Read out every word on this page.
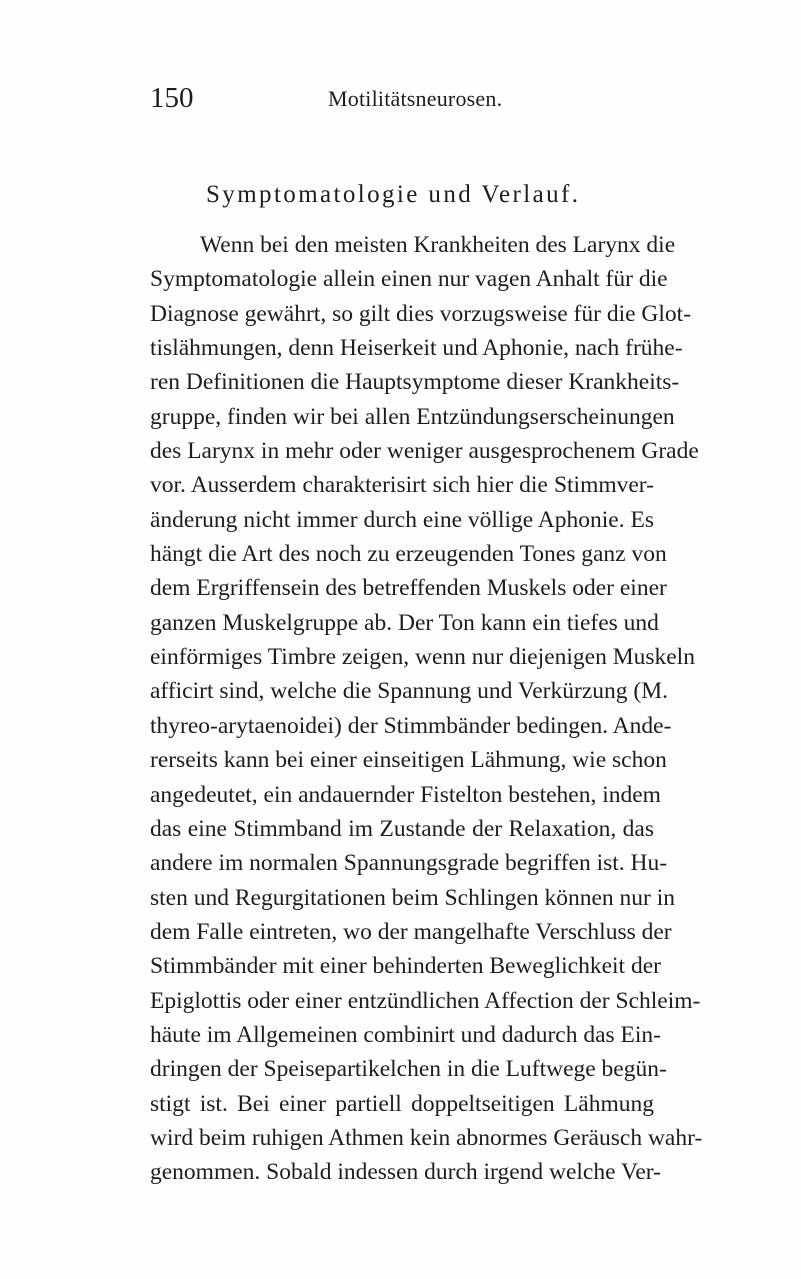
150	Motilitätsneurosen.
Symptomatologie und Verlauf.
Wenn bei den meisten Krankheiten des Larynx die
Symptomatologie allein einen nur vagen Anhalt für die
Diagnose gewährt, so gilt dies vorzugsweise für die Glot-
tislähmungen, denn Heiserkeit und Aphonie, nach frühe-
ren Definitionen die Hauptsymptome dieser Krankheits-
gruppe, finden wir bei allen Entzündungserscheinungen
des Larynx in mehr oder weniger ausgesprochenem Grade
vor. Ausserdem charakterisirt sich hier die Stimmver-
änderung nicht immer durch eine völlige Aphonie. Es
hängt die Art des noch zu erzeugenden Tones ganz von
dem Ergriffensein des betreffenden Muskels oder einer
ganzen Muskelgruppe ab. Der Ton kann ein tiefes und
einförmiges Timbre zeigen, wenn nur diejenigen Muskeln
afficirt sind, welche die Spannung und Verkürzung (M.
thyreo-arytaenoidei) der Stimmbänder bedingen. Ande-
rerseits kann bei einer einseitigen Lähmung, wie schon
angedeutet, ein andauernder Fistelton bestehen, indem
das eine Stimmband im Zustande der Relaxation, das
andere im normalen Spannungsgrade begriffen ist. Hu-
sten und Regurgitationen beim Schlingen können nur in
dem Falle eintreten, wo der mangelhafte Verschluss der
Stimmbänder mit einer behinderten Beweglichkeit der
Epiglottis oder einer entzündlichen Affection der Schleim-
häute im Allgemeinen combinirt und dadurch das Ein-
dringen der Speisepartikelchen in die Luftwege begün-
stigt ist. Bei einer partiell doppeltseitigen Lähmung
wird beim ruhigen Athmen kein abnormes Geräusch wahr-
genommen. Sobald indessen durch irgend welche Ver-
